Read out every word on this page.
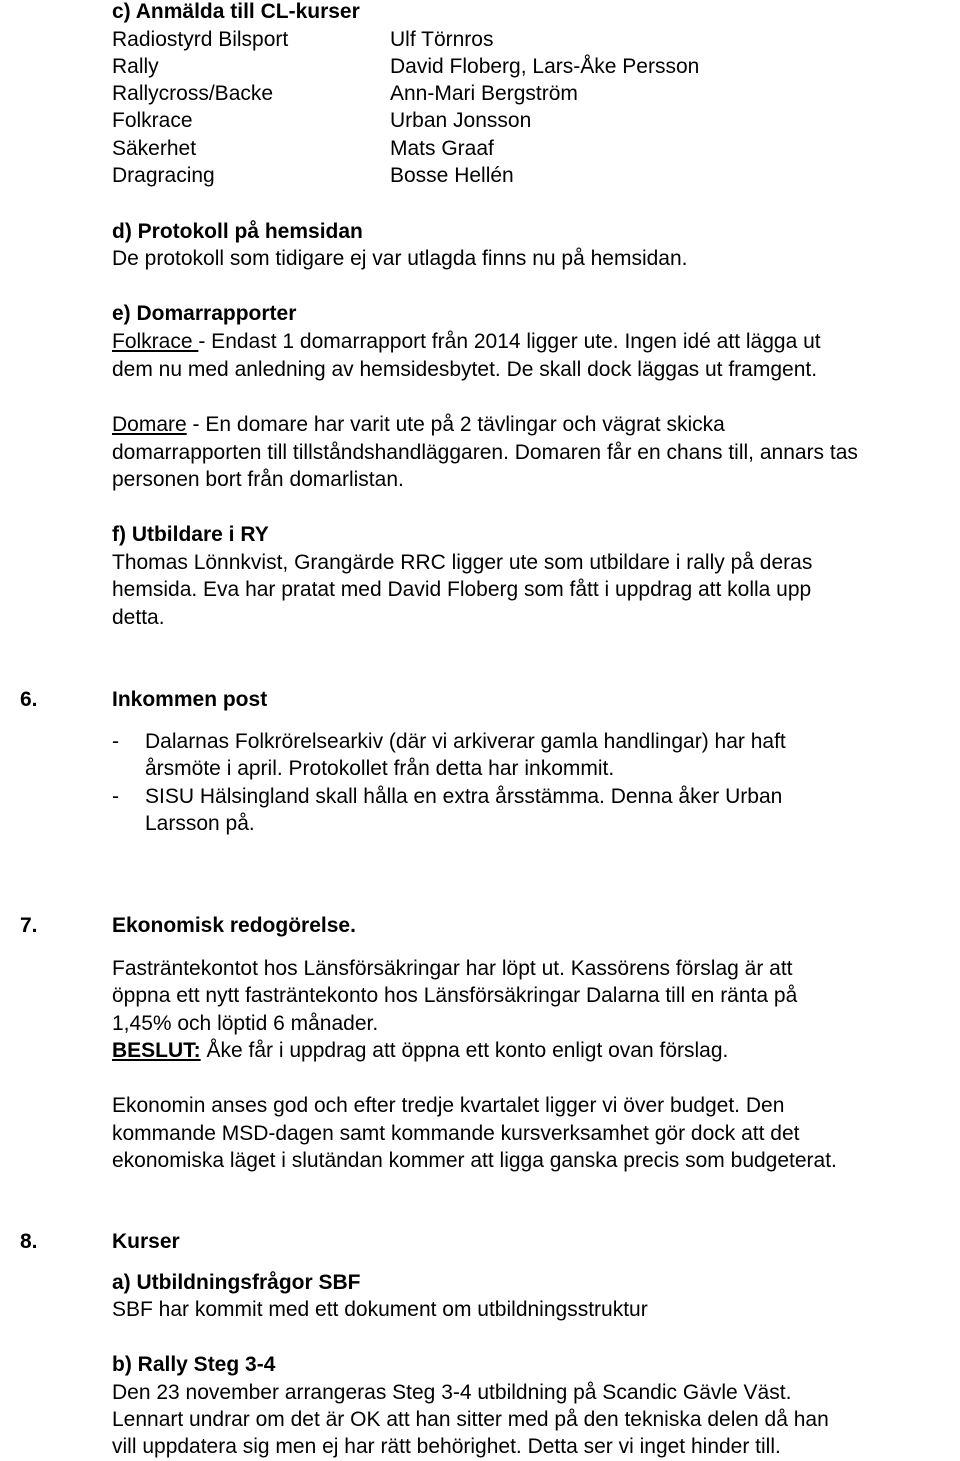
c) Anmälda till CL-kurser
Radiostyrd Bilsport	Ulf Törnros
Rally	David Floberg, Lars-Åke Persson
Rallycross/Backe	Ann-Mari Bergström
Folkrace	Urban Jonsson
Säkerhet	Mats Graaf
Dragracing	Bosse Hellén
d) Protokoll på hemsidan
De protokoll som tidigare ej var utlagda finns nu på hemsidan.
e) Domarrapporter
Folkrace - Endast 1 domarrapport från 2014 ligger ute. Ingen idé att lägga ut
dem nu med anledning av hemsidesbytet. De skall dock läggas ut framgent.
Domare - En domare har varit ute på 2 tävlingar och vägrat skicka
domarrapporten till tillståndshandläggaren. Domaren får en chans till, annars tas
personen bort från domarlistan.
f) Utbildare i RY
Thomas Lönnkvist, Grangärde RRC ligger ute som utbildare i rally på deras
hemsida. Eva har pratat med David Floberg som fått i uppdrag att kolla upp
detta.
6.	Inkommen post
- Dalarnas Folkrörelsearkiv (där vi arkiverar gamla handlingar) har haft
årsmöte i april. Protokollet från detta har inkommit.
- SISU Hälsingland skall hålla en extra årsstämma. Denna åker Urban
Larsson på.
7.	Ekonomisk redogörelse.
Fasträntekontot hos Länsförsäkringar har löpt ut. Kassörens förslag är att
öppna ett nytt fasträntekonto hos Länsförsäkringar Dalarna till en ränta på
1,45% och löptid 6 månader.
BESLUT: Åke får i uppdrag att öppna ett konto enligt ovan förslag.
Ekonomin anses god och efter tredje kvartalet ligger vi över budget. Den
kommande MSD-dagen samt kommande kursverksamhet gör dock att det
ekonomiska läget i slutändan kommer att ligga ganska precis som budgeterat.
8.	Kurser
a) Utbildningsfrågor SBF
SBF har kommit med ett dokument om utbildningsstruktur
b) Rally Steg 3-4
Den 23 november arrangeras Steg 3-4 utbildning på Scandic Gävle Väst.
Lennart undrar om det är OK att han sitter med på den tekniska delen då han
vill uppdatera sig men ej har rätt behörighet. Detta ser vi inget hinder till.
